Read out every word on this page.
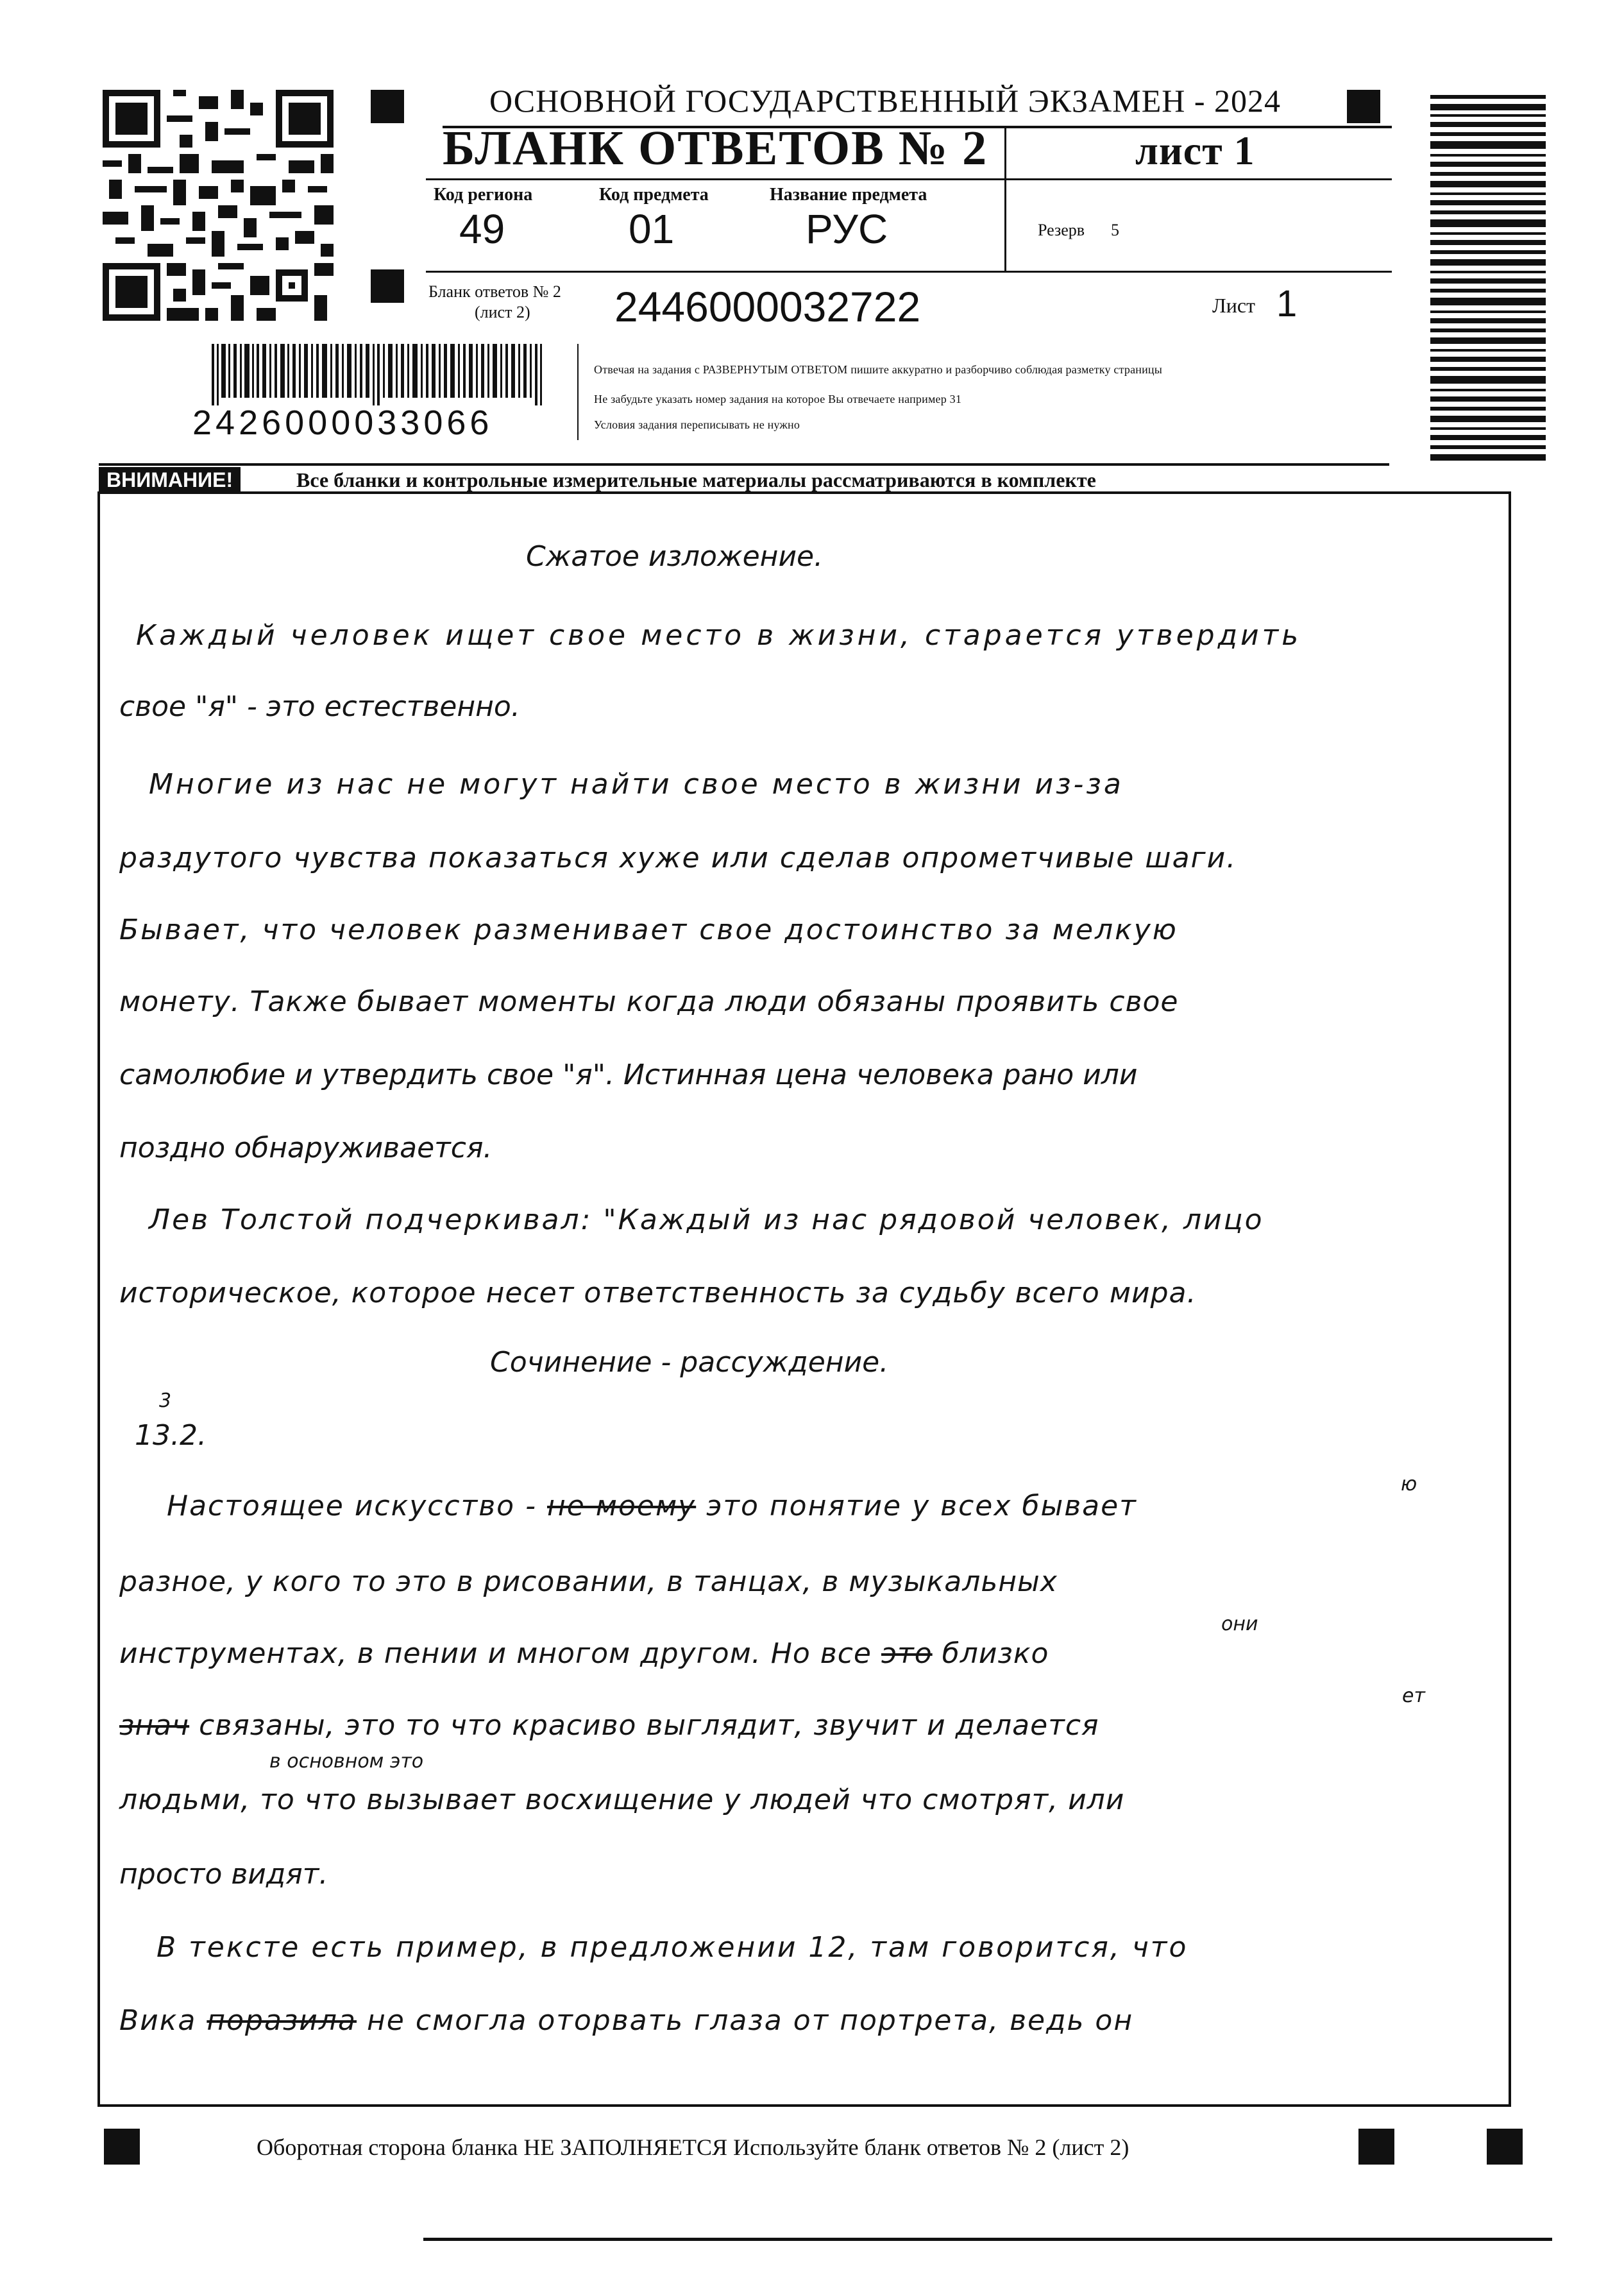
ОСНОВНОЙ ГОСУДАРСТВЕННЫЙ ЭКЗАМЕН - 2024
БЛАНК ОТВЕТОВ № 2	лист 1
Код региона
49
Код предмета
01
Название предмета
РУС	Резерв 5
Бланк ответов № 2
(лист 2) 2446000032722	Лист 1
2426000033066
Отвечая на задания с РАЗВЕРНУТЫМ ОТВЕТОМ пишите аккуратно и разборчиво соблюдая разметку страницы
Не забудьте указать номер задания на которое Вы отвечаете например 31
Условия задания переписывать не нужно
ВНИМАНИЕ!	Все бланки и контрольные измерительные материалы рассматриваются в комплекте
Сжатое изложение.
Каждый человек ищет свое место в жизни, старается утвердить
свое "я" - это естественно.
Многие из нас не могут найти свое место в жизни из-за
раздутого чувства показаться хуже или сделав опрометчивые шаги.
Бывает, что человек разменивает свое достоинство за мелкую
монету. Также бывает моменты когда люди обязаны проявить свое
самолюбие и утвердить свое "я". Истинная цена человека рано или
поздно обнаруживается.
Лев Толстой подчеркивал: "Каждый из нас рядовой человек, лицо
историческое, которое несет ответственность за судьбу всего мира.
Сочинение - рассуждение.
3
13.2.
Настоящее искусство - не моему это понятие у всех бывает
ю
разное, у кого то это в рисовании, в танцах, в музыкальных
они
инструментах, в пении и многом другом. Но все это близко
ет
знач связаны, это то что красиво выглядит, звучит и делается
в основном это
людьми, то что вызывает восхищение у людей что смотрят, или
просто видят.
В тексте есть пример, в предложении 12, там говорится, что
Вика поразила не смогла оторвать глаза от портрета, ведь он
Оборотная сторона бланка НЕ ЗАПОЛНЯЕТСЯ Используйте бланк ответов № 2 (лист 2)
